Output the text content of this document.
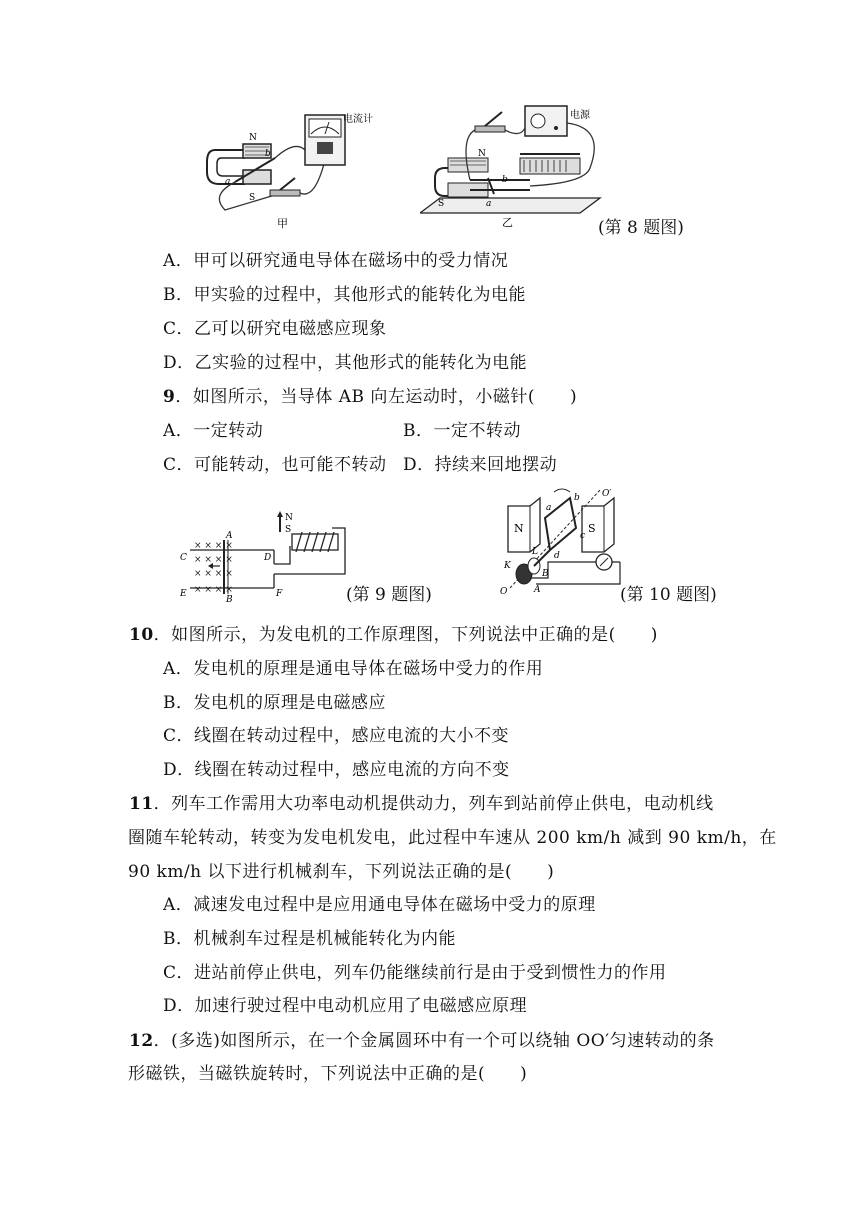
N
S
a
b
电流计
甲
N
S	a
b
电源
乙	(第 8 题图)
A．甲可以研究通电导体在磁场中的受力情况
B．甲实验的过程中，其他形式的能转化为电能
C．乙可以研究电磁感应现象
D．乙实验的过程中，其他形式的能转化为电能
9．如图所示，当导体 AB 向左运动时，小磁针(　　)
A．一定转动	B．一定不转动
C．可能转动，也可能不转动 D．持续来回地摆动
× × × ×
× × × ×
× × × ×
× × × ×
A
B
C	D
E	F
N
S
(第 9 题图)
N	S
O
O′
a
b
c
d
K
L
A
B
(第 10 题图)
10．如图所示，为发电机的工作原理图，下列说法中正确的是(　　)
A．发电机的原理是通电导体在磁场中受力的作用
B．发电机的原理是电磁感应
C．线圈在转动过程中，感应电流的大小不变
D．线圈在转动过程中，感应电流的方向不变
11．列车工作需用大功率电动机提供动力，列车到站前停止供电，电动机线
圈随车轮转动，转变为发电机发电，此过程中车速从 200 km/h 减到 90 km/h，在
90 km/h 以下进行机械刹车，下列说法正确的是(　　)
A．减速发电过程中是应用通电导体在磁场中受力的原理
B．机械刹车过程是机械能转化为内能
C．进站前停止供电，列车仍能继续前行是由于受到惯性力的作用
D．加速行驶过程中电动机应用了电磁感应原理
12．(多选)如图所示，在一个金属圆环中有一个可以绕轴 OO′匀速转动的条
形磁铁，当磁铁旋转时，下列说法中正确的是(　　)
